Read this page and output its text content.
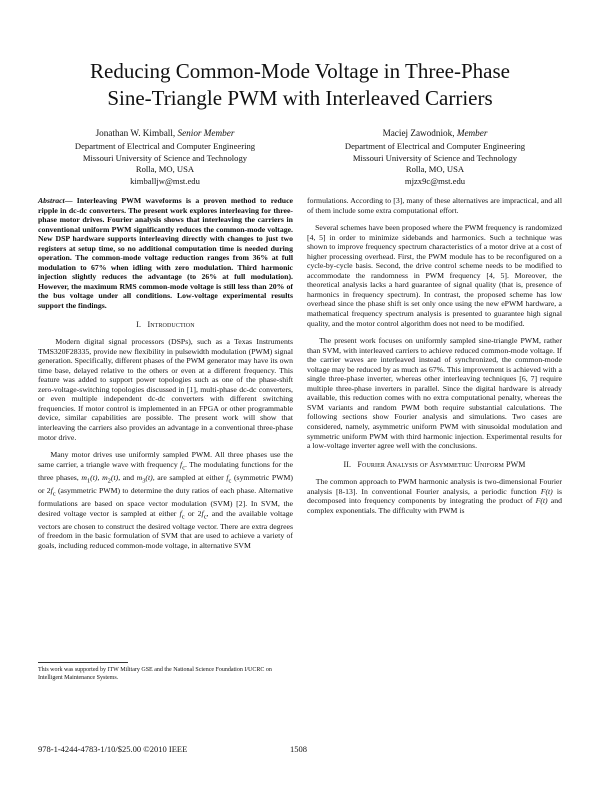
Reducing Common-Mode Voltage in Three-Phase
Sine-Triangle PWM with Interleaved Carriers
Jonathan W. Kimball, Senior Member
Department of Electrical and Computer Engineering
Missouri University of Science and Technology
Rolla, MO, USA
kimballjw@mst.edu
Maciej Zawodniok, Member
Department of Electrical and Computer Engineering
Missouri University of Science and Technology
Rolla, MO, USA
mjzx9c@mst.edu

Abstract— Interleaving PWM waveforms is a proven method to reduce ripple in dc-dc converters. The present work explores interleaving for three-phase motor drives. Fourier analysis shows that interleaving the carriers in conventional uniform PWM significantly reduces the common-mode voltage. New DSP hardware supports interleaving directly with changes to just two registers at setup time, so no additional computation time is needed during operation. The common-mode voltage reduction ranges from 36% at full modulation to 67% when idling with zero modulation. Third harmonic injection slightly reduces the advantage (to 26% at full modulation). However, the maximum RMS common-mode voltage is still less than 20% of the bus voltage under all conditions. Low-voltage experimental results support the findings.

I. Introduction

Modern digital signal processors (DSPs), such as a Texas Instruments TMS320F28335, provide new flexibility in pulsewidth modulation (PWM) signal generation. Specifically, different phases of the PWM generator may have its own time base, delayed relative to the others or even at a different frequency. This feature was added to support power topologies such as one of the phase-shift zero-voltage-switching topologies discussed in [1], multi-phase dc-dc converters, or even multiple independent dc-dc converters with different switching frequencies. If motor control is implemented in an FPGA or other programmable device, similar capabilities are possible. The present work will show that interleaving the carriers also provides an advantage in a conventional three-phase motor drive.

Many motor drives use uniformly sampled PWM. All three phases use the same carrier, a triangle wave with frequency $f_c$. The modulating functions for the three phases, $m_1(t)$, $m_2(t)$, and $m_3(t)$, are sampled at either $f_c$ (symmetric PWM) or $2f_c$ (asymmetric PWM) to determine the duty ratios of each phase. Alternative formulations are based on space vector modulation (SVM) [2]. In SVM, the desired voltage vector is sampled at either $f_c$ or $2f_c$, and the available voltage vectors are chosen to construct the desired voltage vector. There are extra degrees of freedom in the basic formulation of SVM that are used to achieve a variety of goals, including reduced common-mode voltage, in alternative SVM

formulations. According to [3], many of these alternatives are impractical, and all of them include some extra computational effort.

Several schemes have been proposed where the PWM frequency is randomized [4, 5] in order to minimize sidebands and harmonics. Such a technique was shown to improve frequency spectrum characteristics of a motor drive at a cost of higher processing overhead. First, the PWM module has to be reconfigured on a cycle-by-cycle basis. Second, the drive control scheme needs to be modified to accommodate the randomness in PWM frequency [4, 5]. Moreover, the theoretical analysis lacks a hard guarantee of signal quality (that is, presence of harmonics in frequency spectrum). In contrast, the proposed scheme has low overhead since the phase shift is set only once using the new ePWM hardware, a mathematical frequency spectrum analysis is presented to guarantee high signal quality, and the motor control algorithm does not need to be modified.

The present work focuses on uniformly sampled sine-triangle PWM, rather than SVM, with interleaved carriers to achieve reduced common-mode voltage. If the carrier waves are interleaved instead of synchronized, the common-mode voltage may be reduced by as much as 67%. This improvement is achieved with a single three-phase inverter, whereas other interleaving techniques [6, 7] require multiple three-phase inverters in parallel. Since the digital hardware is already available, this reduction comes with no extra computational penalty, whereas the SVM variants and random PWM both require substantial calculations. The following sections show Fourier analysis and simulations. Two cases are considered, namely, asymmetric uniform PWM with sinusoidal modulation and symmetric uniform PWM with third harmonic injection. Experimental results for a low-voltage inverter agree well with the conclusions.

II. Fourier Analysis of Asymmetric Uniform PWM

The common approach to PWM harmonic analysis is two-dimensional Fourier analysis [8-13]. In conventional Fourier analysis, a periodic function F(t) is decomposed into frequency components by integrating the product of F(t) and complex exponentials. The difficulty with PWM is

This work was supported by ITW Military GSE and the National Science Foundation I/UCRC on Intelligent Maintenance Systems.
978-1-4244-4783-1/10/$25.00 ©2010 IEEE	1508
